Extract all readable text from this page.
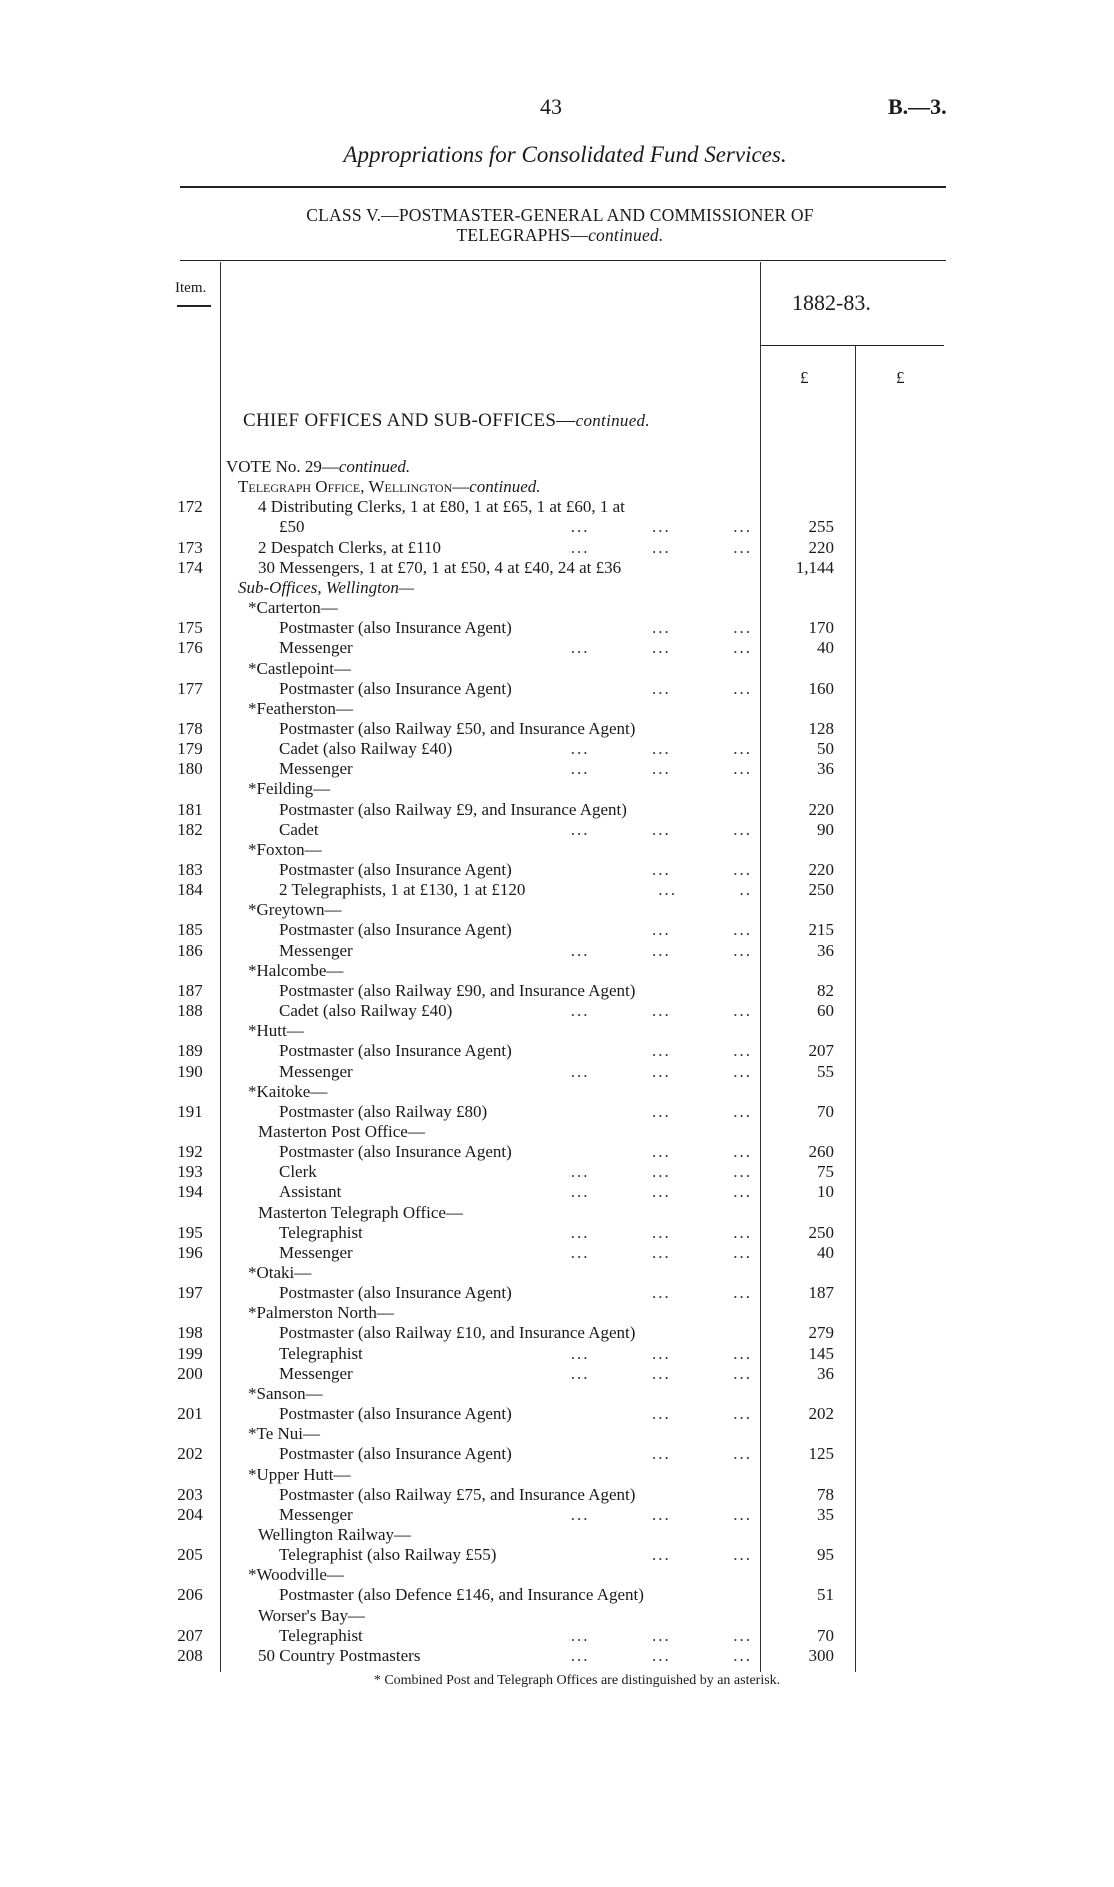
43	B.—3.
Appropriations for Consolidated Fund Services.
CLASS V.—POSTMASTER-GENERAL AND COMMISSIONER OF
TELEGRAPHS—continued.
Item.
1882-83.
£	£
CHIEF OFFICES AND SUB-OFFICES—continued.
VOTE No. 29—continued.
Telegraph Office, Wellington—continued.
172	4 Distributing Clerks, 1 at £80, 1 at £65, 1 at £60, 1 at
£50	...          ...          ...	255
173	2 Despatch Clerks, at £110	...          ...          ...	220
174	30 Messengers, 1 at £70, 1 at £50, 4 at £40, 24 at £36	1,144
Sub-Offices, Wellington—
*Carterton—
175	Postmaster (also Insurance Agent)	...          ...	170
176	Messenger	...          ...          ...	40
*Castlepoint—
177	Postmaster (also Insurance Agent)	...          ...	160
*Featherston—
178	Postmaster (also Railway £50, and Insurance Agent)	128
179	Cadet (also Railway £40)	...          ...          ...	50
180	Messenger	...          ...          ...	36
*Feilding—
181	Postmaster (also Railway £9, and Insurance Agent)	220
182	Cadet	...          ...          ...	90
*Foxton—
183	Postmaster (also Insurance Agent)	...          ...	220
184	2 Telegraphists, 1 at £130, 1 at £120	...          ..	250
*Greytown—
185	Postmaster (also Insurance Agent)	...          ...	215
186	Messenger	...          ...          ...	36
*Halcombe—
187	Postmaster (also Railway £90, and Insurance Agent)	82
188	Cadet (also Railway £40)	...          ...          ...	60
*Hutt—
189	Postmaster (also Insurance Agent)	...          ...	207
190	Messenger	...          ...          ...	55
*Kaitoke—
191	Postmaster (also Railway £80)	...          ...	70
Masterton Post Office—
192	Postmaster (also Insurance Agent)	...          ...	260
193	Clerk	...          ...          ...	75
194	Assistant	...          ...          ...	10
Masterton Telegraph Office—
195	Telegraphist	...          ...          ...	250
196	Messenger	...          ...          ...	40
*Otaki—
197	Postmaster (also Insurance Agent)	...          ...	187
*Palmerston North—
198	Postmaster (also Railway £10, and Insurance Agent)	279
199	Telegraphist	...          ...          ...	145
200	Messenger	...          ...          ...	36
*Sanson—
201	Postmaster (also Insurance Agent)	...          ...	202
*Te Nui—
202	Postmaster (also Insurance Agent)	...          ...	125
*Upper Hutt—
203	Postmaster (also Railway £75, and Insurance Agent)	78
204	Messenger	...          ...          ...	35
Wellington Railway—
205	Telegraphist (also Railway £55)	...          ...	95
*Woodville—
206	Postmaster (also Defence £146, and Insurance Agent)	51
Worser's Bay—
207	Telegraphist	...          ...          ...	70
208	50 Country Postmasters	...          ...          ...	300
* Combined Post and Telegraph Offices are distinguished by an asterisk.
